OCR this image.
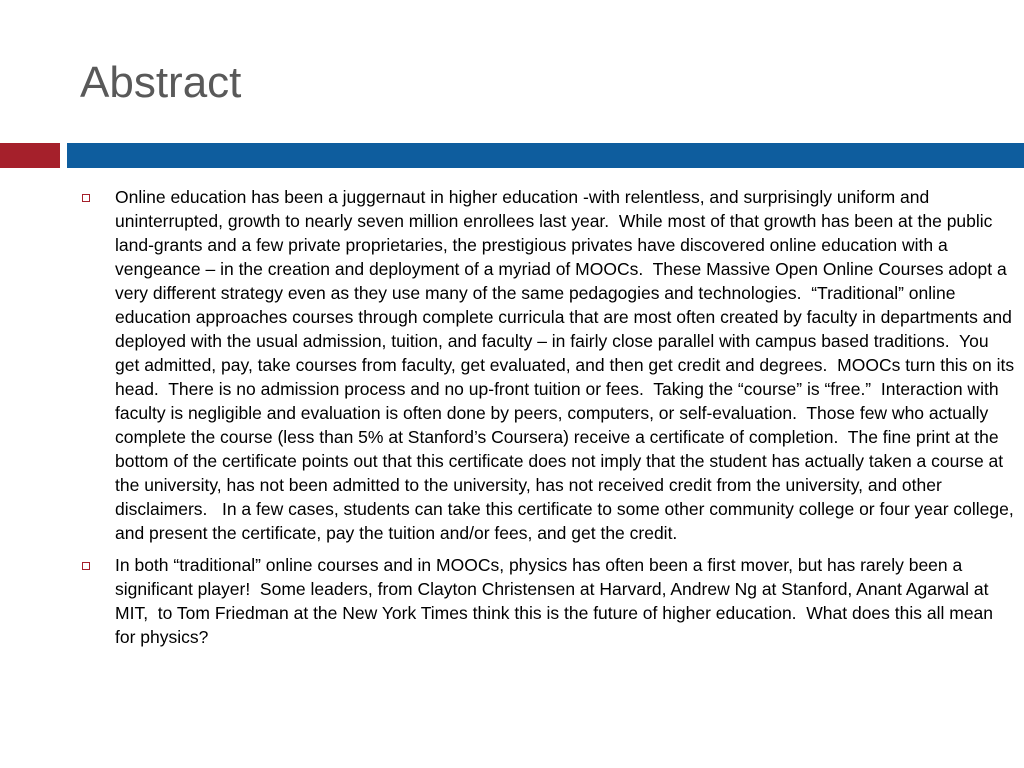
Abstract
Online education has been a juggernaut in higher education -with relentless, and surprisingly uniform and uninterrupted, growth to nearly seven million enrollees last year.  While most of that growth has been at the public land-grants and a few private proprietaries, the prestigious privates have discovered online education with a vengeance – in the creation and deployment of a myriad of MOOCs.  These Massive Open Online Courses adopt a very different strategy even as they use many of the same pedagogies and technologies.  “Traditional” online education approaches courses through complete curricula that are most often created by faculty in departments and deployed with the usual admission, tuition, and faculty – in fairly close parallel with campus based traditions.  You get admitted, pay, take courses from faculty, get evaluated, and then get credit and degrees.  MOOCs turn this on its head.  There is no admission process and no up-front tuition or fees.  Taking the “course” is “free.”  Interaction with faculty is negligible and evaluation is often done by peers, computers, or self-evaluation.  Those few who actually complete the course (less than 5% at Stanford’s Coursera) receive a certificate of completion.  The fine print at the bottom of the certificate points out that this certificate does not imply that the student has actually taken a course at the university, has not been admitted to the university, has not received credit from the university, and other disclaimers.   In a few cases, students can take this certificate to some other community college or four year college, and present the certificate, pay the tuition and/or fees, and get the credit.
In both “traditional” online courses and in MOOCs, physics has often been a first mover, but has rarely been a significant player!  Some leaders, from Clayton Christensen at Harvard, Andrew Ng at Stanford, Anant Agarwal at MIT,  to Tom Friedman at the New York Times think this is the future of higher education.  What does this all mean for physics?
